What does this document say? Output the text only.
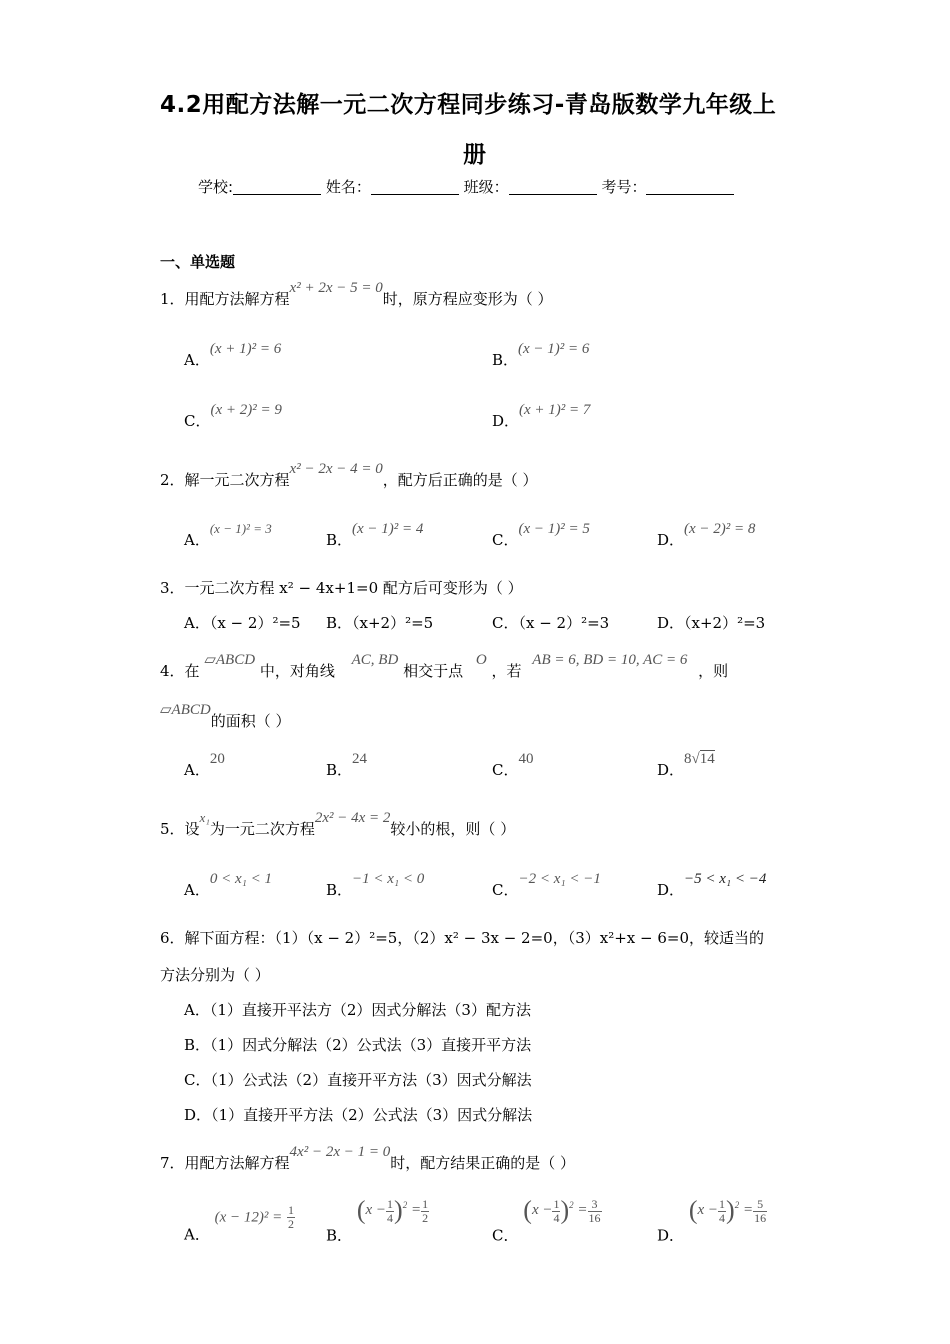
4.2用配方法解一元二次方程同步练习-青岛版数学九年级上
册
学校:	姓名：	班级：	考号：
一、单选题
1．用配方法解方程x² + 2x − 5 = 0时，原方程应变形为（ ）
A．(x + 1)² = 6
B．(x − 1)² = 6
C．(x + 2)² = 9
D．(x + 1)² = 7
2．解一元二次方程x² − 2x − 4 = 0，配方后正确的是（ ）
A．(x − 1)² = 3
B．(x − 1)² = 4
C．(x − 1)² = 5
D．(x − 2)² = 8
3．一元二次方程 x² − 4x+1=0 配方后可变形为（ ）
A．（x − 2）²=5 B．（x+2）²=5	C．（x − 2）²=3	D．（x+2）²=3
4．在 ▱ABCD 中，对角线 AC, BD 相交于点 O ，若 AB = 6, BD = 10, AC = 6 ，则
▱ABCD的面积（ ）
A．20
B．24
C．40
D．8√14
5．设x₁为一元二次方程2x² − 4x = 2较小的根，则（ ）
A．0 < x₁ < 1
B．−1 < x₁ < 0
C．−2 < x₁ < −1
D．−5 < x₁ < −4
6．解下面方程：（1）（x − 2）²=5，（2）x² − 3x − 2=0，（3）x²+x − 6=0，较适当的
方法分别为（ ）
A．（1）直接开平法方（2）因式分解法（3）配方法
B．（1）因式分解法（2）公式法（3）直接开平方法
C．（1）公式法（2）直接开平方法（3）因式分解法
D．（1）直接开平方法（2）公式法（3）因式分解法
7．用配方法解方程4x² − 2x − 1 = 0时，配方结果正确的是（ ）
A． $(x - 12)^2 = \frac{1}{2}$
B． $(x - \frac{1}{4} )^2 = \frac{1}{2}$
C． $(x - \frac{1}{4} )^2 = \frac{3}{16}$
D． $(x - \frac{1}{4} )^2 = \frac{5}{16}$
